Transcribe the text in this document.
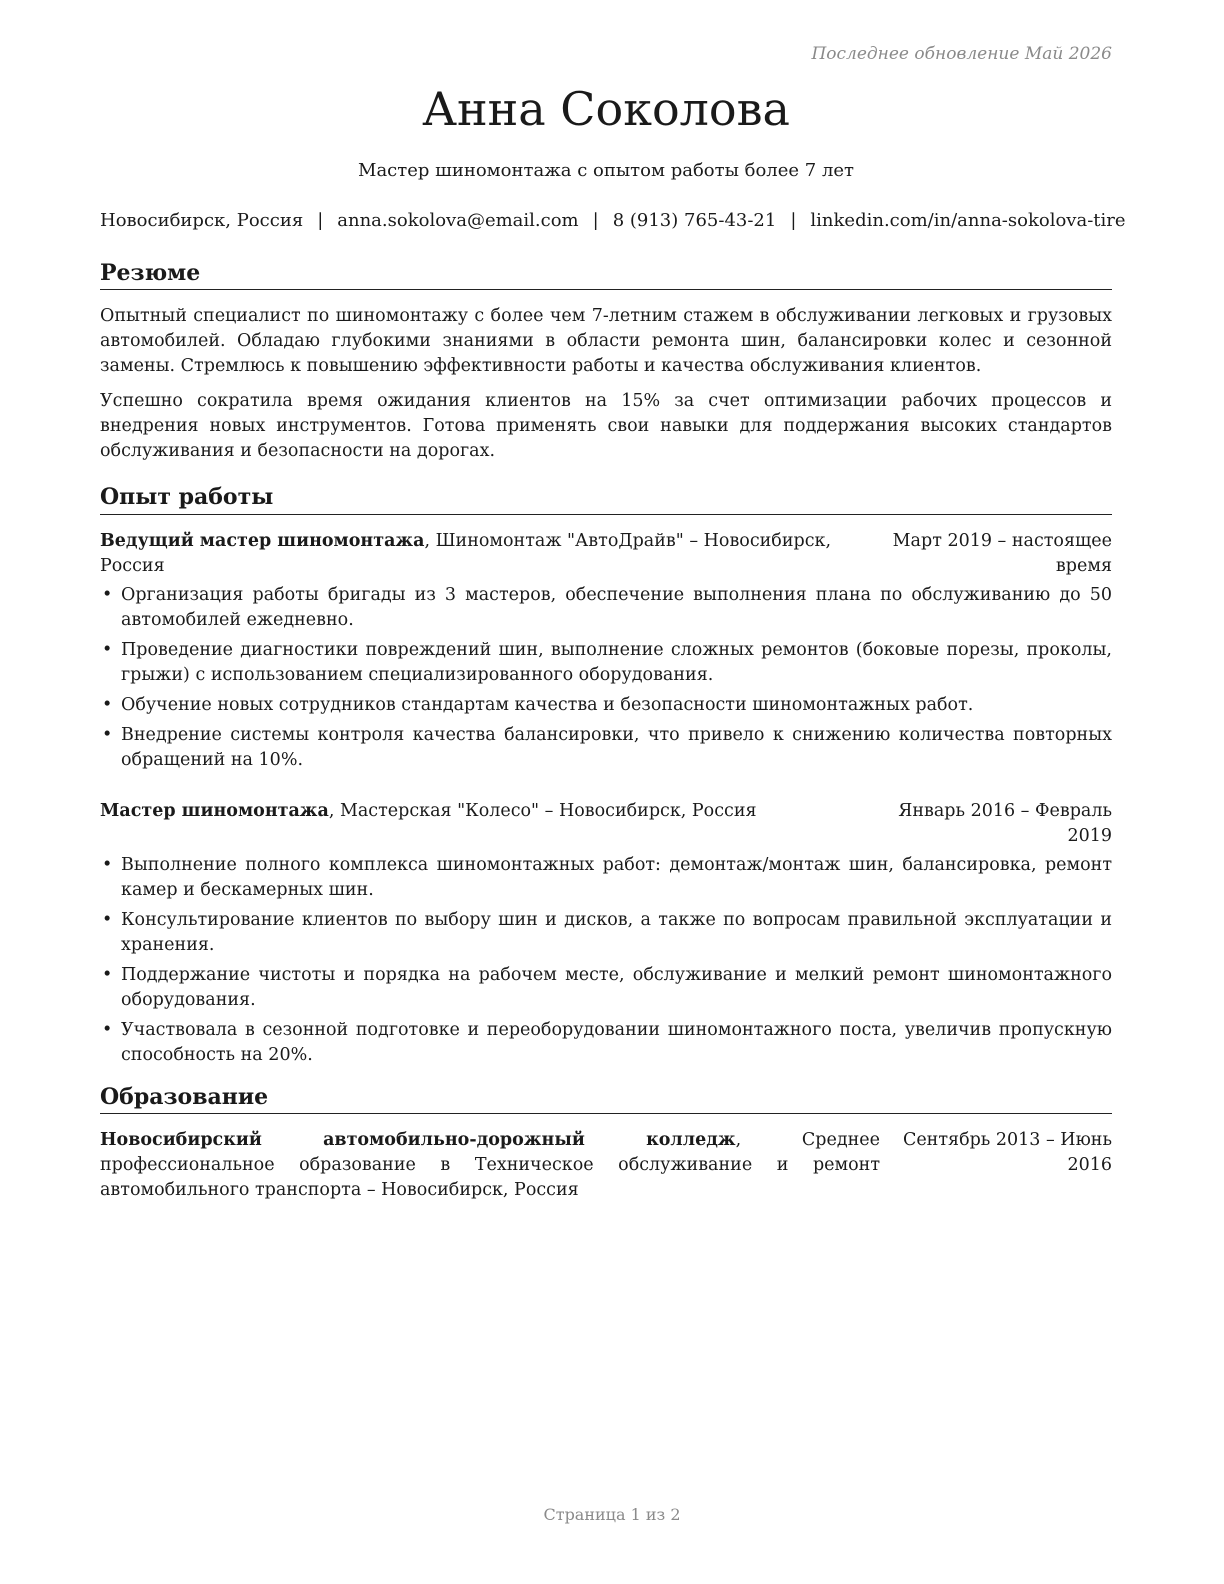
Последнее обновление Май 2026
Анна Соколова
Мастер шиномонтажа с опытом работы более 7 лет
Новосибирск, Россия | anna.sokolova@email.com | 8 (913) 765-43-21 | linkedin.com/in/anna-sokolova-tire
Резюме

Опытный специалист по шиномонтажу с более чем 7-летним стажем в обслуживании легковых и грузовых автомобилей. Обладаю глубокими знаниями в области ремонта шин, балансировки колес и сезонной замены. Стремлюсь к повышению эффективности работы и качества обслуживания клиентов.

Успешно сократила время ожидания клиентов на 15% за счет оптимизации рабочих процессов и внедрения новых инструментов. Готова применять свои навыки для поддержания высоких стандартов обслуживания и безопасности на дорогах.

Опыт работы
Ведущий мастер шиномонтажа, Шиномонтаж "АвтоДрайв" – Новосибирск, Россия
Март 2019 – настоящее время
• Организация работы бригады из 3 мастеров, обеспечение выполнения плана по обслуживанию до 50 автомобилей ежедневно.
• Проведение диагностики повреждений шин, выполнение сложных ремонтов (боковые порезы, проколы, грыжи) с использованием специализированного оборудования.
• Обучение новых сотрудников стандартам качества и безопасности шиномонтажных работ.
• Внедрение системы контроля качества балансировки, что привело к снижению количества повторных обращений на 10%.
Мастер шиномонтажа, Мастерская "Колесо" – Новосибирск, Россия	Январь 2016 – Февраль 2019
• Выполнение полного комплекса шиномонтажных работ: демонтаж/монтаж шин, балансировка, ремонт камер и бескамерных шин.
• Консультирование клиентов по выбору шин и дисков, а также по вопросам правильной эксплуатации и хранения.
• Поддержание чистоты и порядка на рабочем месте, обслуживание и мелкий ремонт шиномонтажного оборудования.
• Участвовала в сезонной подготовке и переоборудовании шиномонтажного поста, увеличив пропускную способность на 20%.
Образование
Новосибирский автомобильно-дорожный колледж, Среднее профессиональное образование в Техническое обслуживание и ремонт автомобильного транспорта – Новосибирск, Россия
Сентябрь 2013 – Июнь 2016
Страница 1 из 2
